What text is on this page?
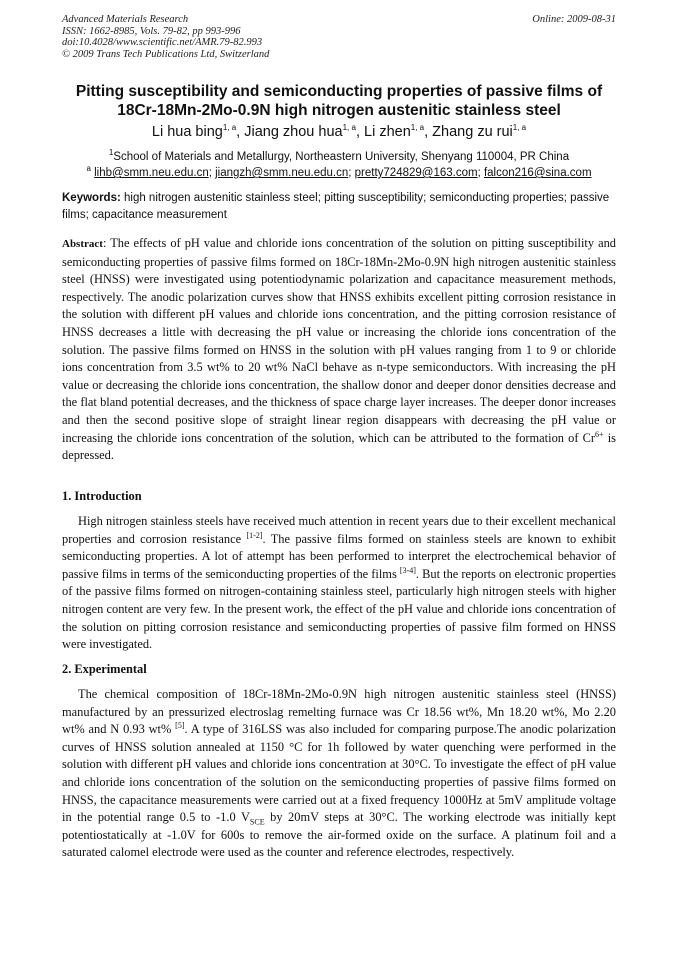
Advanced Materials Research
ISSN: 1662-8985, Vols. 79-82, pp 993-996
doi:10.4028/www.scientific.net/AMR.79-82.993
© 2009 Trans Tech Publications Ltd, Switzerland
Online: 2009-08-31
Pitting susceptibility and semiconducting properties of passive films of 18Cr-18Mn-2Mo-0.9N high nitrogen austenitic stainless steel
Li hua bing$^{1, a}$, Jiang zhou hua$^{1, a}$, Li zhen$^{1, a}$, Zhang zu rui$^{1, a}$
$^1$School of Materials and Metallurgy, Northeastern University, Shenyang 110004, PR China
$^a$ lihb@smm.neu.edu.cn; jiangzh@smm.neu.edu.cn; pretty724829@163.com; falcon216@sina.com
Keywords: high nitrogen austenitic stainless steel; pitting susceptibility; semiconducting properties; passive films; capacitance measurement
Abstract: The effects of pH value and chloride ions concentration of the solution on pitting susceptibility and semiconducting properties of passive films formed on 18Cr-18Mn-2Mo-0.9N high nitrogen austenitic stainless steel (HNSS) were investigated using potentiodynamic polarization and capacitance measurement methods, respectively. The anodic polarization curves show that HNSS exhibits excellent pitting corrosion resistance in the solution with different pH values and chloride ions concentration, and the pitting corrosion resistance of HNSS decreases a little with decreasing the pH value or increasing the chloride ions concentration of the solution. The passive films formed on HNSS in the solution with pH values ranging from 1 to 9 or chloride ions concentration from 3.5 wt% to 20 wt% NaCl behave as n-type semiconductors. With increasing the pH value or decreasing the chloride ions concentration, the shallow donor and deeper donor densities decrease and the flat bland potential decreases, and the thickness of space charge layer increases. The deeper donor increases and then the second positive slope of straight linear region disappears with decreasing the pH value or increasing the chloride ions concentration of the solution, which can be attributed to the formation of $Cr^{6+}$ is depressed.
1. Introduction
High nitrogen stainless steels have received much attention in recent years due to their excellent mechanical properties and corrosion resistance [1-2]. The passive films formed on stainless steels are known to exhibit semiconducting properties. A lot of attempt has been performed to interpret the electrochemical behavior of passive films in terms of the semiconducting properties of the films [3-4]. But the reports on electronic properties of the passive films formed on nitrogen-containing stainless steel, particularly high nitrogen steels with higher nitrogen content are very few. In the present work, the effect of the pH value and chloride ions concentration of the solution on pitting corrosion resistance and semiconducting properties of passive film formed on HNSS were investigated.
2. Experimental
The chemical composition of 18Cr-18Mn-2Mo-0.9N high nitrogen austenitic stainless steel (HNSS) manufactured by an pressurized electroslag remelting furnace was Cr 18.56 wt%, Mn 18.20 wt%, Mo 2.20 wt% and N 0.93 wt% [5]. A type of 316LSS was also included for comparing purpose.The anodic polarization curves of HNSS solution annealed at 1150 °C for 1h followed by water quenching were performed in the solution with different pH values and chloride ions concentration at 30°C. To investigate the effect of pH value and chloride ions concentration of the solution on the semiconducting properties of passive films formed on HNSS, the capacitance measurements were carried out at a fixed frequency 1000Hz at 5mV amplitude voltage in the potential range 0.5 to -1.0 $V_{SCE}$ by 20mV steps at 30°C. The working electrode was initially kept potentiostatically at -1.0V for 600s to remove the air-formed oxide on the surface. A platinum foil and a saturated calomel electrode were used as the counter and reference electrodes, respectively.
